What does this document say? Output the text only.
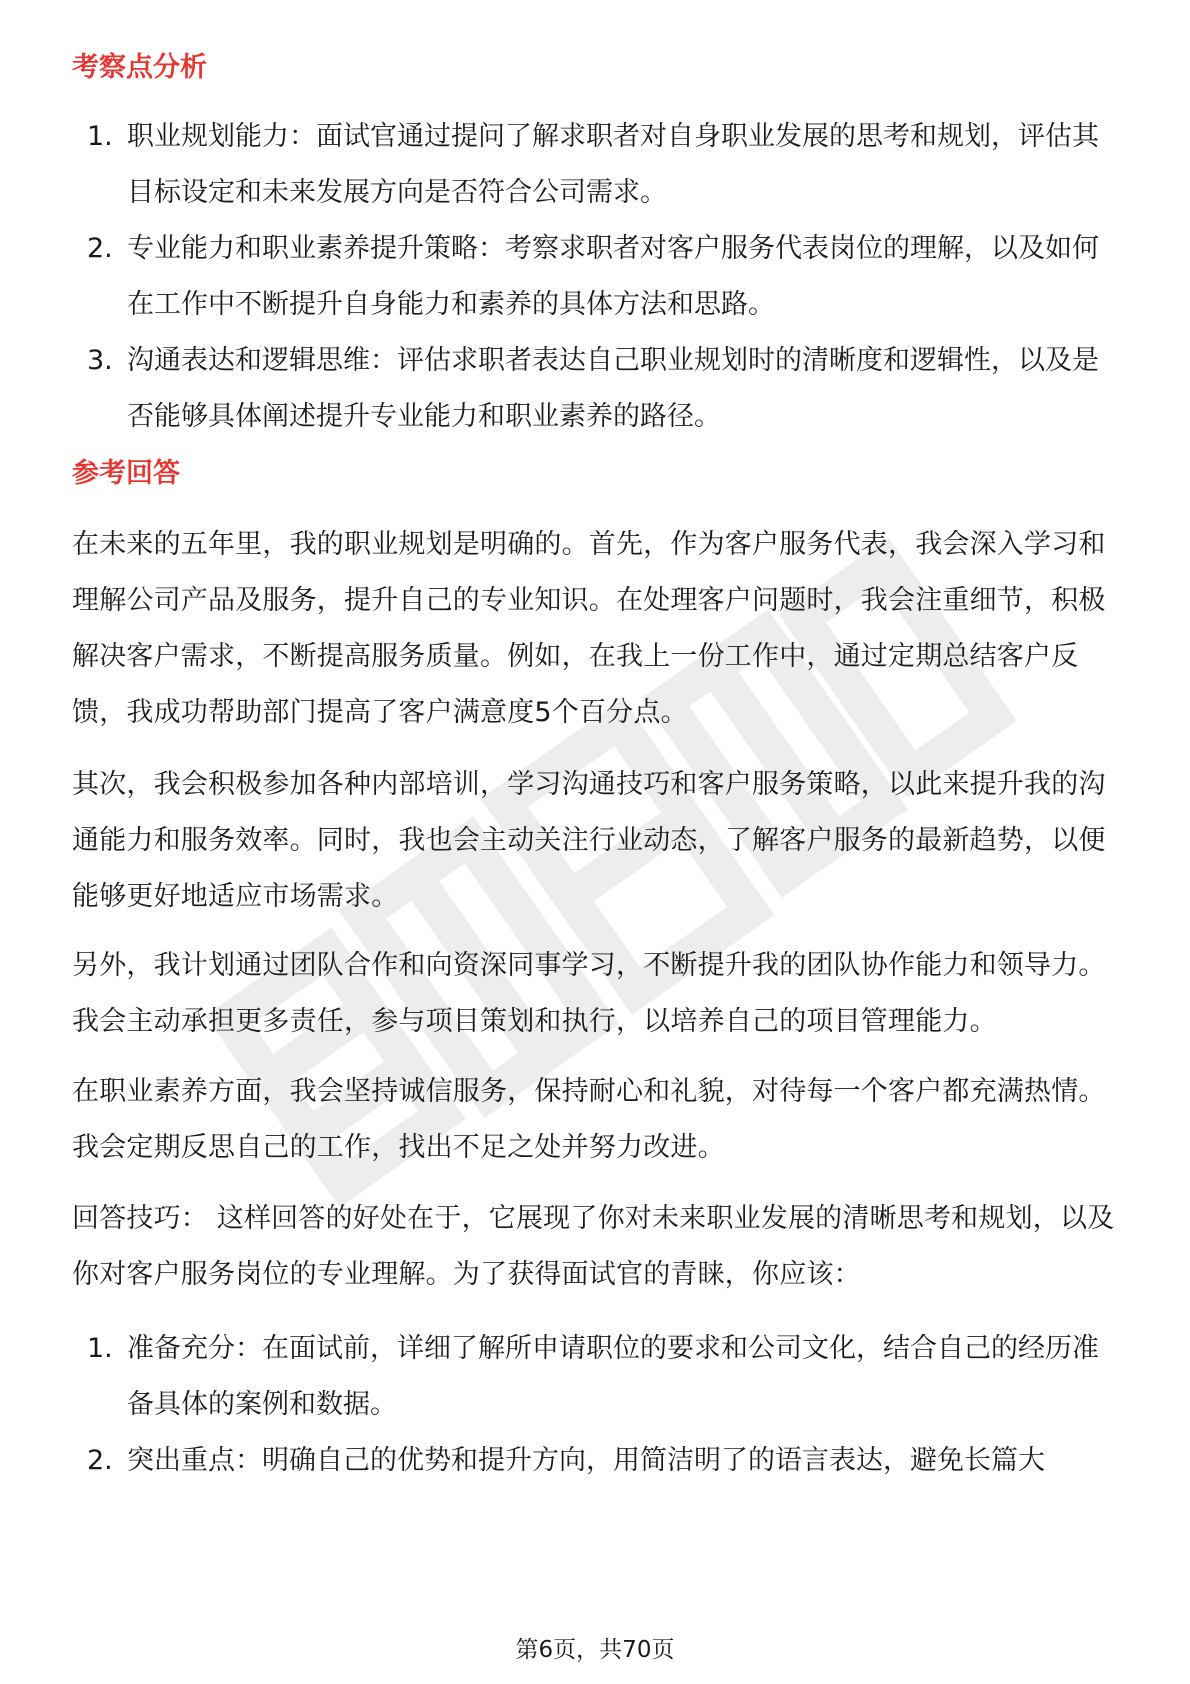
考察点分析
1. 职业规划能力：面试官通过提问了解求职者对自身职业发展的思考和规划，评估其目标设定和未来发展方向是否符合公司需求。
2. 专业能力和职业素养提升策略：考察求职者对客户服务代表岗位的理解，以及如何在工作中不断提升自身能力和素养的具体方法和思路。
3. 沟通表达和逻辑思维：评估求职者表达自己职业规划时的清晰度和逻辑性，以及是否能够具体阐述提升专业能力和职业素养的路径。
参考回答

在未来的五年里，我的职业规划是明确的。首先，作为客户服务代表，我会深入学习和理解公司产品及服务，提升自己的专业知识。在处理客户问题时，我会注重细节，积极解决客户需求，不断提高服务质量。例如，在我上一份工作中，通过定期总结客户反馈，我成功帮助部门提高了客户满意度5个百分点。

其次，我会积极参加各种内部培训，学习沟通技巧和客户服务策略，以此来提升我的沟通能力和服务效率。同时，我也会主动关注行业动态，了解客户服务的最新趋势，以便能够更好地适应市场需求。

另外，我计划通过团队合作和向资深同事学习，不断提升我的团队协作能力和领导力。我会主动承担更多责任，参与项目策划和执行，以培养自己的项目管理能力。

在职业素养方面，我会坚持诚信服务，保持耐心和礼貌，对待每一个客户都充满热情。我会定期反思自己的工作，找出不足之处并努力改进。

回答技巧： 这样回答的好处在于，它展现了你对未来职业发展的清晰思考和规划，以及你对客户服务岗位的专业理解。为了获得面试官的青睐，你应该：

1. 准备充分：在面试前，详细了解所申请职位的要求和公司文化，结合自己的经历准备具体的案例和数据。
2. 突出重点：明确自己的优势和提升方向，用简洁明了的语言表达，避免长篇大
第6页，共70页
